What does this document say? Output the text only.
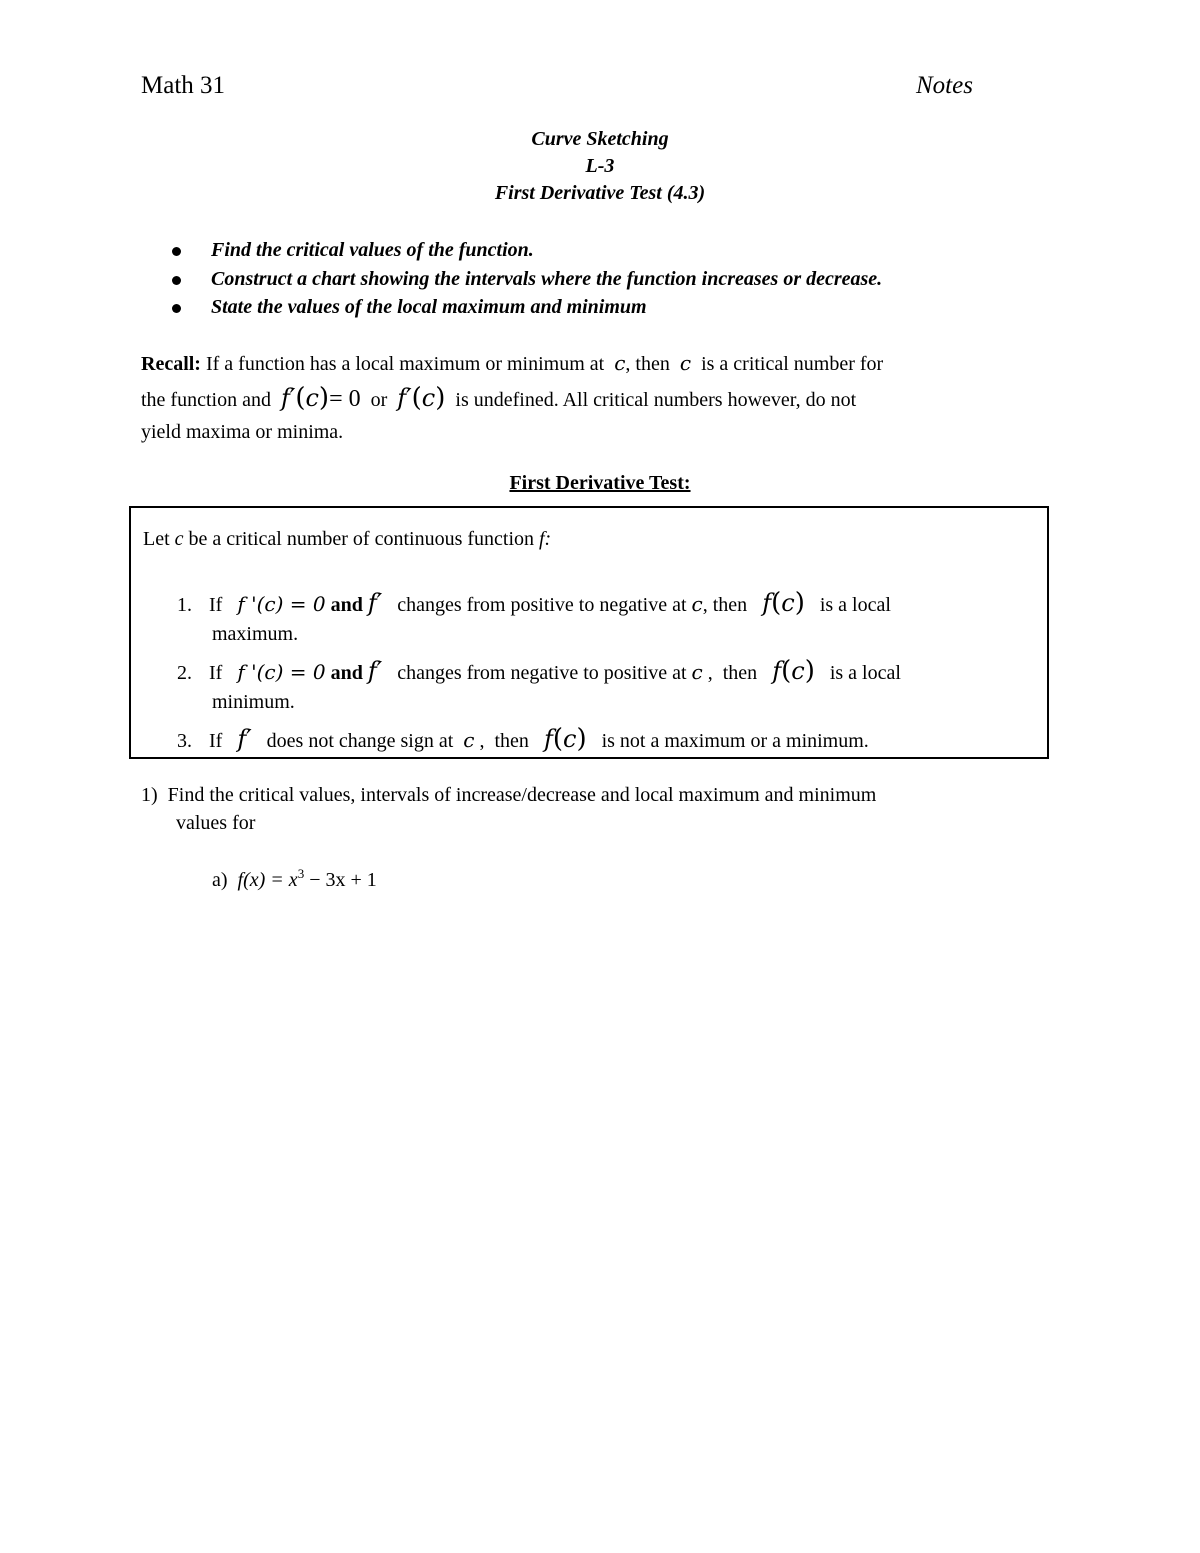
Math 31	Notes
Curve Sketching
L-3
First Derivative Test (4.3)
Find the critical values of the function.
Construct a chart showing the intervals where the function increases or decrease.
State the values of the local maximum and minimum
Recall: If a function has a local maximum or minimum at c, then c is a critical number for
the function and f′(c)= 0 or f′(c) is undefined. All critical numbers however, do not
yield maxima or minima.
First Derivative Test:
Let c be a critical number of continuous function f:
1. If f '(c) = 0 and f′ changes from positive to negative at c, then f(c) is a local
maximum.
2. If f '(c) = 0 and f′ changes from negative to positive at c ,  then f(c) is a local
minimum.
3. If f′ does not change sign at c ,  then f(c) is not a maximum or a minimum.
1) Find the critical values, intervals of increase/decrease and local maximum and minimum
values for
a) $f(x) = x^3 - 3x + 1$
